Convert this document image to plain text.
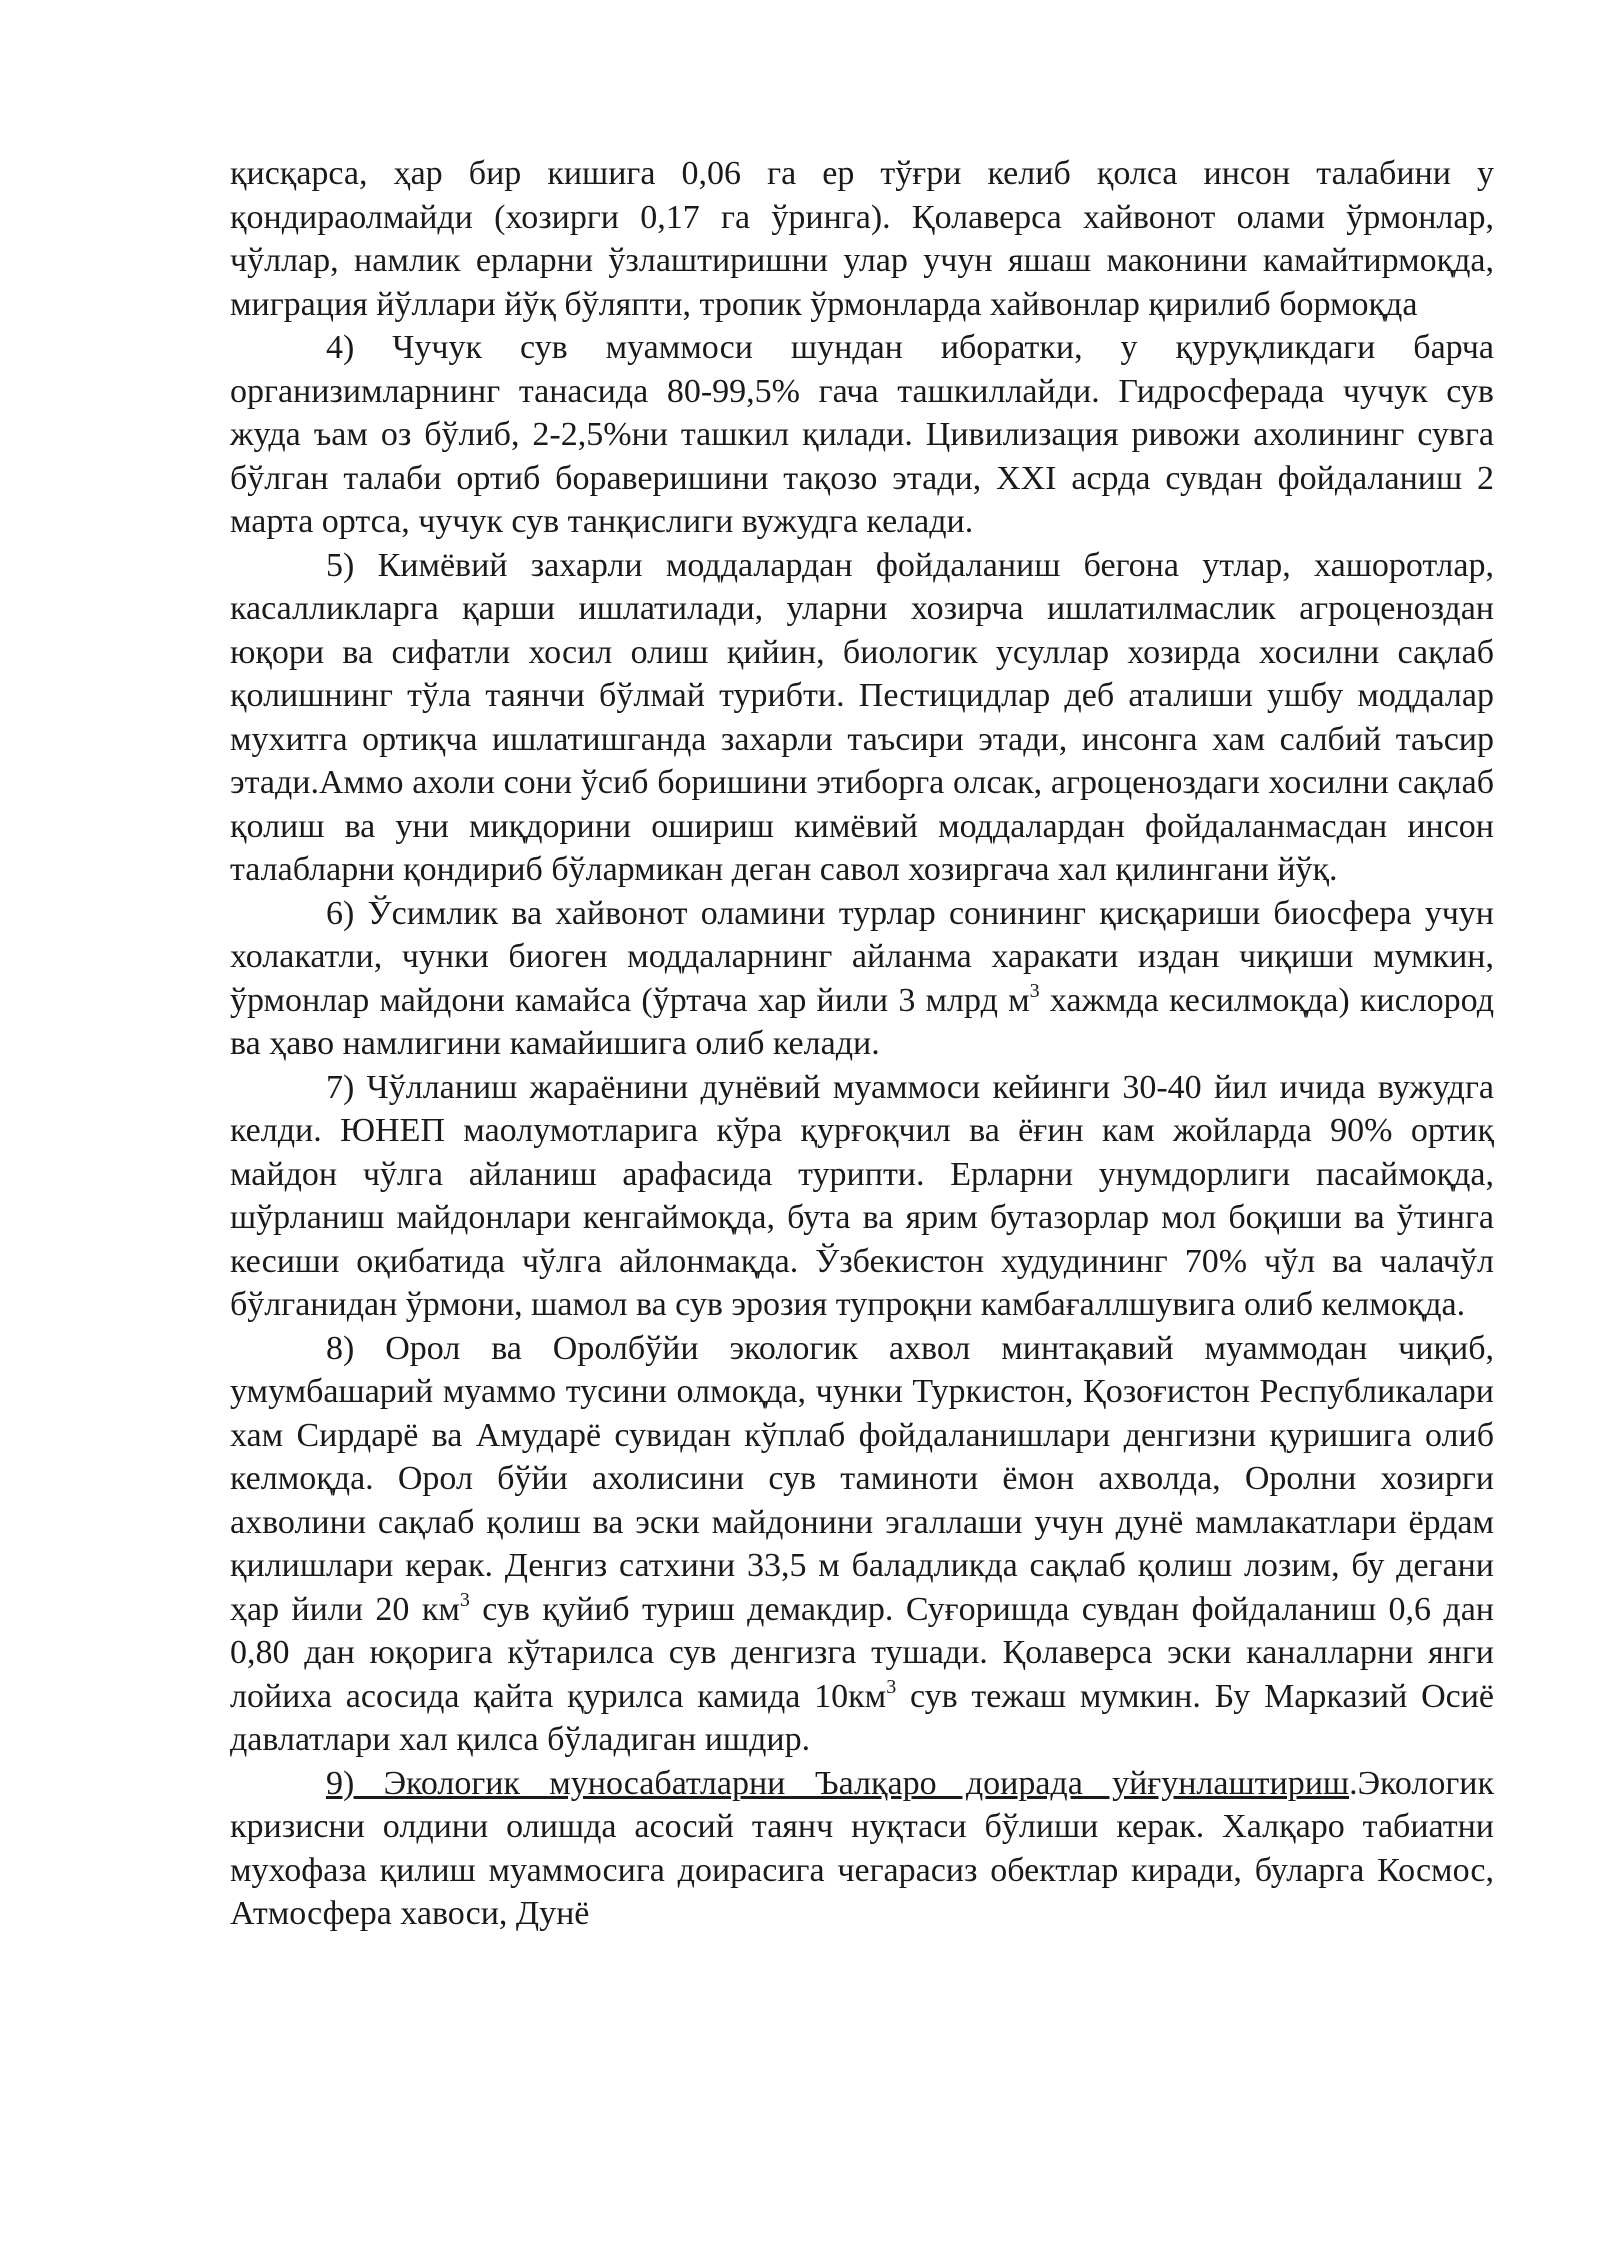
қисқарса, ҳар бир кишига 0,06 га ер тўғри келиб қолса инсон талабини у қондираолмайди (хозирги 0,17 га ўринга). Қолаверса хайвонот олами ўрмонлар, чўллар, намлик ерларни ўзлаштиришни улар учун яшаш маконини камайтирмоқда, миграция йўллари йўқ бўляпти, тропик ўрмонларда хайвонлар қирилиб бормоқда

4) Чучук сув муаммоси шундан иборатки, у қуруқликдаги барча организимларнинг танасида 80-99,5% гача ташкиллайди. Гидросферада чучук сув жуда ъам оз бўлиб, 2-2,5%ни ташкил қилади. Цивилизация ривожи ахолининг сувга бўлган талаби ортиб бораверишини тақозо этади, XXI асрда сувдан фойдаланиш 2 марта ортса, чучук сув танқислиги вужудга келади.

5) Кимёвий захарли моддалардан фойдаланиш бегона утлар, хашоротлар, касалликларга қарши ишлатилади, уларни хозирча ишлатилмаслик агроценоздан юқори ва сифатли хосил олиш қийин, биологик усуллар хозирда хосилни сақлаб қолишнинг тўла таянчи бўлмай турибти. Пестицидлар деб аталиши ушбу моддалар мухитга ортиқча ишлатишганда захарли таъсири этади, инсонга хам салбий таъсир этади.Аммо ахоли сони ўсиб боришини этиборга олсак, агроценоздаги хосилни сақлаб қолиш ва уни миқдорини ошириш кимёвий моддалардан фойдаланмасдан инсон талабларни қондириб бўлармикан деган савол хозиргача хал қилингани йўқ.

6) Ўсимлик ва хайвонот оламини турлар сонининг қисқариши биосфера учун холакатли, чунки биоген моддаларнинг айланма харакати издан чиқиши мумкин, ўрмонлар майдони камайса (ўртача хар йили 3 млрд $м^3$ хажмда кесилмоқда) кислород ва ҳаво намлигини камайишига олиб келади.

7) Чўлланиш жараёнини дунёвий муаммоси кейинги 30-40 йил ичида вужудга келди. ЮНЕП маолумотларига кўра қурғоқчил ва ёғин кам жойларда 90% ортиқ майдон чўлга айланиш арафасида турипти. Ерларни унумдорлиги пасаймоқда, шўрланиш майдонлари кенгаймоқда, бута ва ярим бутазорлар мол боқиши ва ўтинга кесиши оқибатида чўлга айлонмақда. Ўзбекистон худудининг 70% чўл ва чалачўл бўлганидан ўрмони, шамол ва сув эрозия тупроқни камбағаллшувига олиб келмоқда.

8) Орол ва Оролбўйи экологик ахвол минтақавий муаммодан чиқиб, умумбашарий муаммо тусини олмоқда, чунки Туркистон, Қозоғистон Республикалари хам Сирдарё ва Амударё сувидан кўплаб фойдаланишлари денгизни қуришига олиб келмоқда. Орол бўйи ахолисини сув таминоти ёмон ахволда, Оролни хозирги ахволини сақлаб қолиш ва эски майдонини эгаллаши учун дунё мамлакатлари ёрдам қилишлари керак. Денгиз сатхини 33,5 м баладликда сақлаб қолиш лозим, бу дегани ҳар йили 20 $км^3$ сув қуйиб туриш демакдир. Суғоришда сувдан фойдаланиш 0,6 дан 0,80 дан юқорига кўтарилса сув денгизга тушади. Қолаверса эски каналларни янги лойиха асосида қайта қурилса камида $10км^3$ сув тежаш мумкин. Бу Марказий Осиё давлатлари хал қилса бўладиган ишдир.

9) Экологик муносабатларни Ъалқаро доирада уйғунлаштириш.Экологик кризисни олдини олишда асосий таянч нуқтаси бўлиши керак. Халқаро табиатни мухофаза қилиш муаммосига доирасига чегарасиз обектлар киради, буларга Космос, Атмосфера хавоси, Дунё
